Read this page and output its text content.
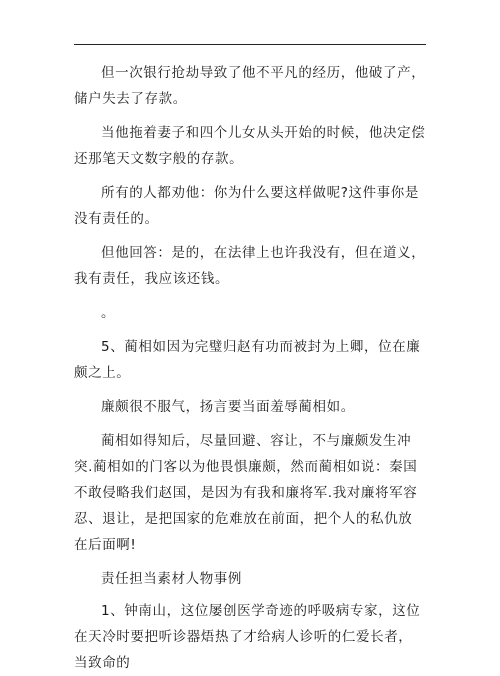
但一次银行抢劫导致了他不平凡的经历，他破了产，储户失去了存款。

当他拖着妻子和四个儿女从头开始的时候，他决定偿还那笔天文数字般的存款。

所有的人都劝他：你为什么要这样做呢?这件事你是没有责任的。

但他回答：是的，在法律上也许我没有，但在道义，我有责任，我应该还钱。

。

5、蔺相如因为完璧归赵有功而被封为上卿，位在廉颇之上。

廉颇很不服气，扬言要当面羞辱蔺相如。

蔺相如得知后，尽量回避、容让，不与廉颇发生冲突.蔺相如的门客以为他畏惧廉颇，然而蔺相如说：秦国不敢侵略我们赵国，是因为有我和廉将军.我对廉将军容忍、退让，是把国家的危难放在前面，把个人的私仇放在后面啊!

责任担当素材人物事例

1、钟南山，这位屡创医学奇迹的呼吸病专家，这位在天冷时要把听诊器焐热了才给病人诊听的仁爱长者，当致命的
